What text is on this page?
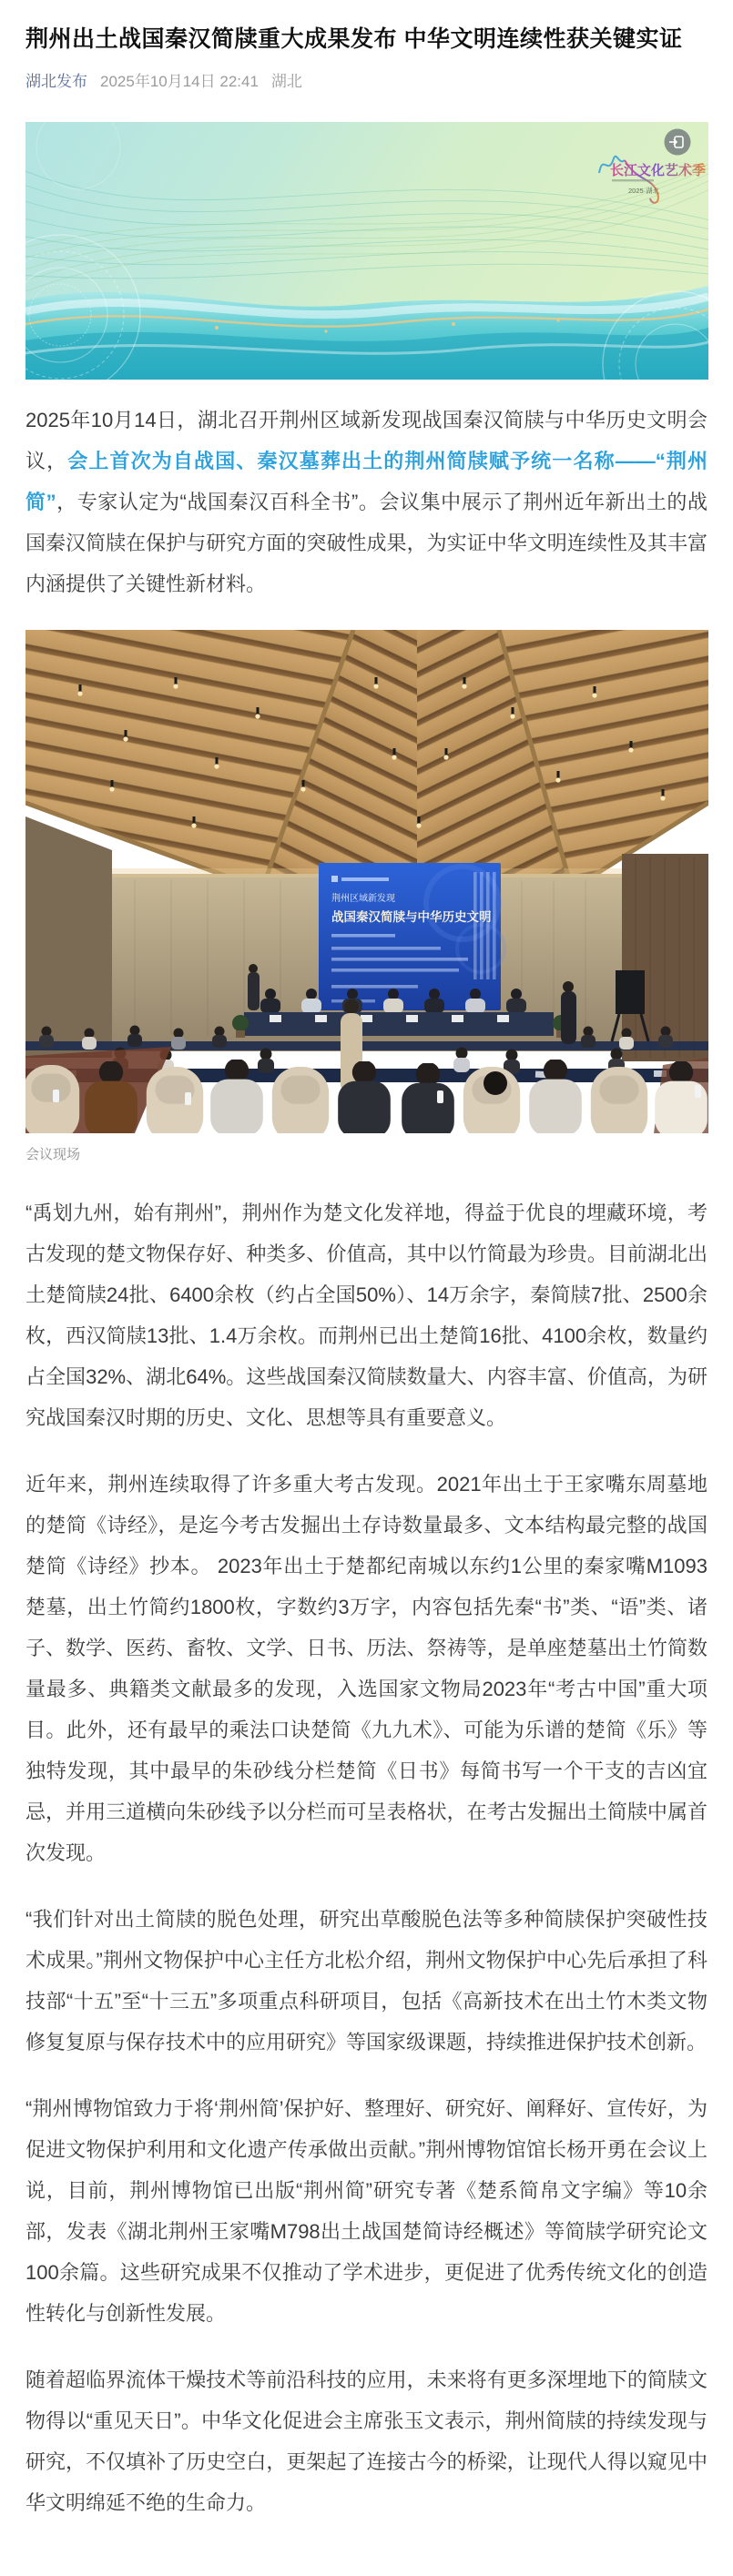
荆州出土战国秦汉简牍重大成果发布 中华文明连续性获关键实证
湖北发布 2025年10月14日 22:41 湖北
长江文化艺术季
2025·湖北

2025年10月14日，湖北召开荆州区域新发现战国秦汉简牍与中华历史文明会议，会上首次为自战国、秦汉墓葬出土的荆州简牍赋予统一名称——“荆州简”，专家认定为“战国秦汉百科全书”。会议集中展示了荆州近年新出土的战国秦汉简牍在保护与研究方面的突破性成果，为实证中华文明连续性及其丰富内涵提供了关键性新材料。

荆州区域新发现
战国秦汉简牍与中华历史文明
会议现场

“禹划九州，始有荆州”，荆州作为楚文化发祥地，得益于优良的埋藏环境，考古发现的楚文物保存好、种类多、价值高，其中以竹简最为珍贵。目前湖北出土楚简牍24批、6400余枚（约占全国50%）、14万余字，秦简牍7批、2500余枚，西汉简牍13批、1.4万余枚。而荆州已出土楚简16批、4100余枚，数量约占全国32%、湖北64%。这些战国秦汉简牍数量大、内容丰富、价值高，为研究战国秦汉时期的历史、文化、思想等具有重要意义。

近年来，荆州连续取得了许多重大考古发现。2021年出土于王家嘴东周墓地的楚简《诗经》，是迄今考古发掘出土存诗数量最多、文本结构最完整的战国楚简《诗经》抄本。 2023年出土于楚都纪南城以东约1公里的秦家嘴M1093楚墓，出土竹简约1800枚，字数约3万字，内容包括先秦“书”类、“语”类、诸子、数学、医药、畜牧、文学、日书、历法、祭祷等，是单座楚墓出土竹简数量最多、典籍类文献最多的发现，入选国家文物局2023年“考古中国”重大项目。此外，还有最早的乘法口诀楚简《九九术》、可能为乐谱的楚简《乐》等独特发现，其中最早的朱砂线分栏楚简《日书》每简书写一个干支的吉凶宜忌，并用三道横向朱砂线予以分栏而可呈表格状，在考古发掘出土简牍中属首次发现。

“我们针对出土简牍的脱色处理，研究出草酸脱色法等多种简牍保护突破性技术成果。”荆州文物保护中心主任方北松介绍，荆州文物保护中心先后承担了科技部“十五”至“十三五”多项重点科研项目，包括《高新技术在出土竹木类文物修复复原与保存技术中的应用研究》等国家级课题，持续推进保护技术创新。

“荆州博物馆致力于将‘荆州简’保护好、整理好、研究好、阐释好、宣传好，为促进文物保护利用和文化遗产传承做出贡献。”荆州博物馆馆长杨开勇在会议上说，目前，荆州博物馆已出版“荆州简”研究专著《楚系简帛文字编》等10余部，发表《湖北荆州王家嘴M798出土战国楚简诗经概述》等简牍学研究论文100余篇。这些研究成果不仅推动了学术进步，更促进了优秀传统文化的创造性转化与创新性发展。

随着超临界流体干燥技术等前沿科技的应用，未来将有更多深埋地下的简牍文物得以“重见天日”。中华文化促进会主席张玉文表示，荆州简牍的持续发现与研究，不仅填补了历史空白，更架起了连接古今的桥梁，让现代人得以窥见中华文明绵延不绝的生命力。
